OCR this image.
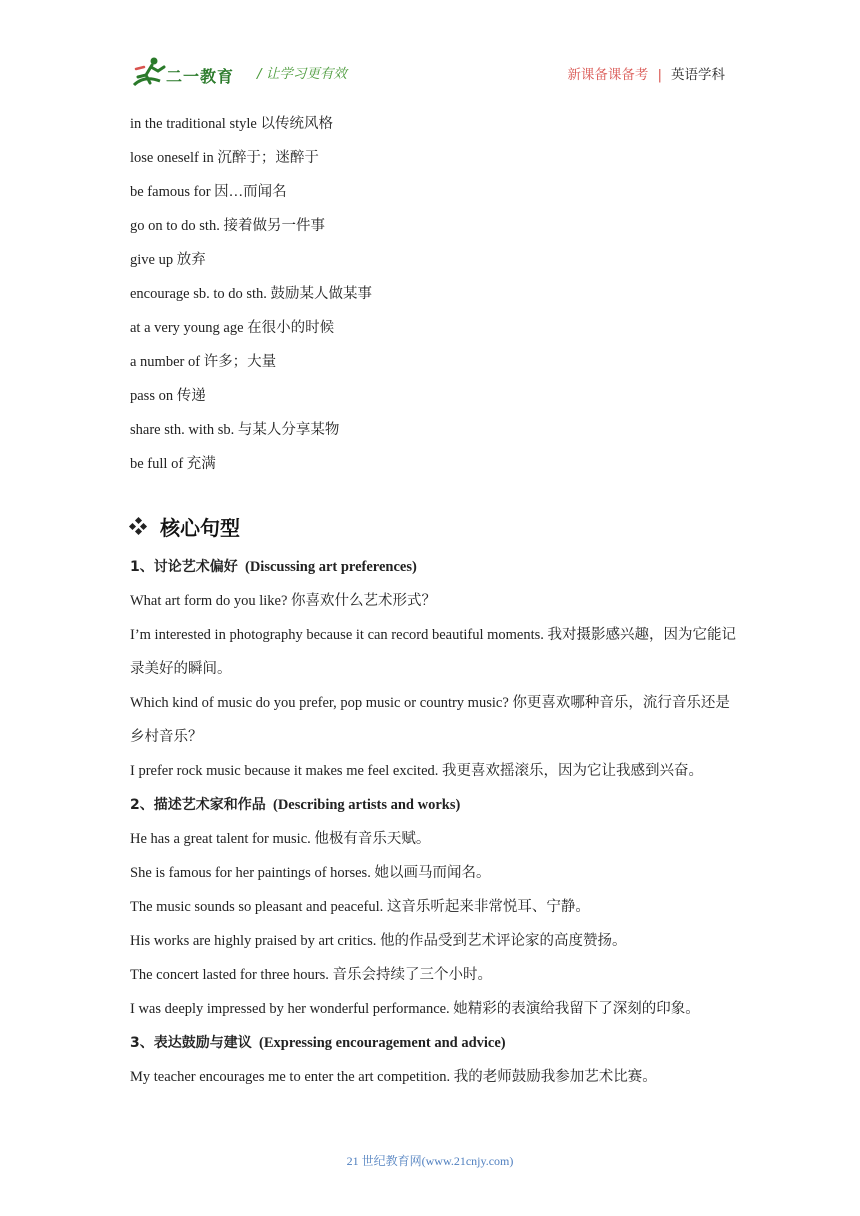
二一教育 / 让学习更有效	新课备课备考 | 英语学科
in the traditional style 以传统风格
lose oneself in 沉醉于；迷醉于
be famous for 因…而闻名
go on to do sth. 接着做另一件事
give up 放弃
encourage sb. to do sth. 鼓励某人做某事
at a very young age 在很小的时候
a number of 许多；大量
pass on 传递
share sth. with sb. 与某人分享某物
be full of 充满
核心句型
1、讨论艺术偏好 (Discussing art preferences)
What art form do you like? 你喜欢什么艺术形式？
I’m interested in photography because it can record beautiful moments. 我对摄影感兴趣，因为它能记录美好的瞬间。
Which kind of music do you prefer, pop music or country music? 你更喜欢哪种音乐，流行音乐还是乡村音乐？
I prefer rock music because it makes me feel excited. 我更喜欢摇滚乐，因为它让我感到兴奋。
2、描述艺术家和作品 (Describing artists and works)
He has a great talent for music. 他极有音乐天赋。
She is famous for her paintings of horses. 她以画马而闻名。
The music sounds so pleasant and peaceful. 这音乐听起来非常悦耳、宁静。
His works are highly praised by art critics. 他的作品受到艺术评论家的高度赞扬。
The concert lasted for three hours. 音乐会持续了三个小时。
I was deeply impressed by her wonderful performance. 她精彩的表演给我留下了深刻的印象。
3、表达鼓励与建议 (Expressing encouragement and advice)
My teacher encourages me to enter the art competition. 我的老师鼓励我参加艺术比赛。
21 世纪教育网(www.21cnjy.com)
